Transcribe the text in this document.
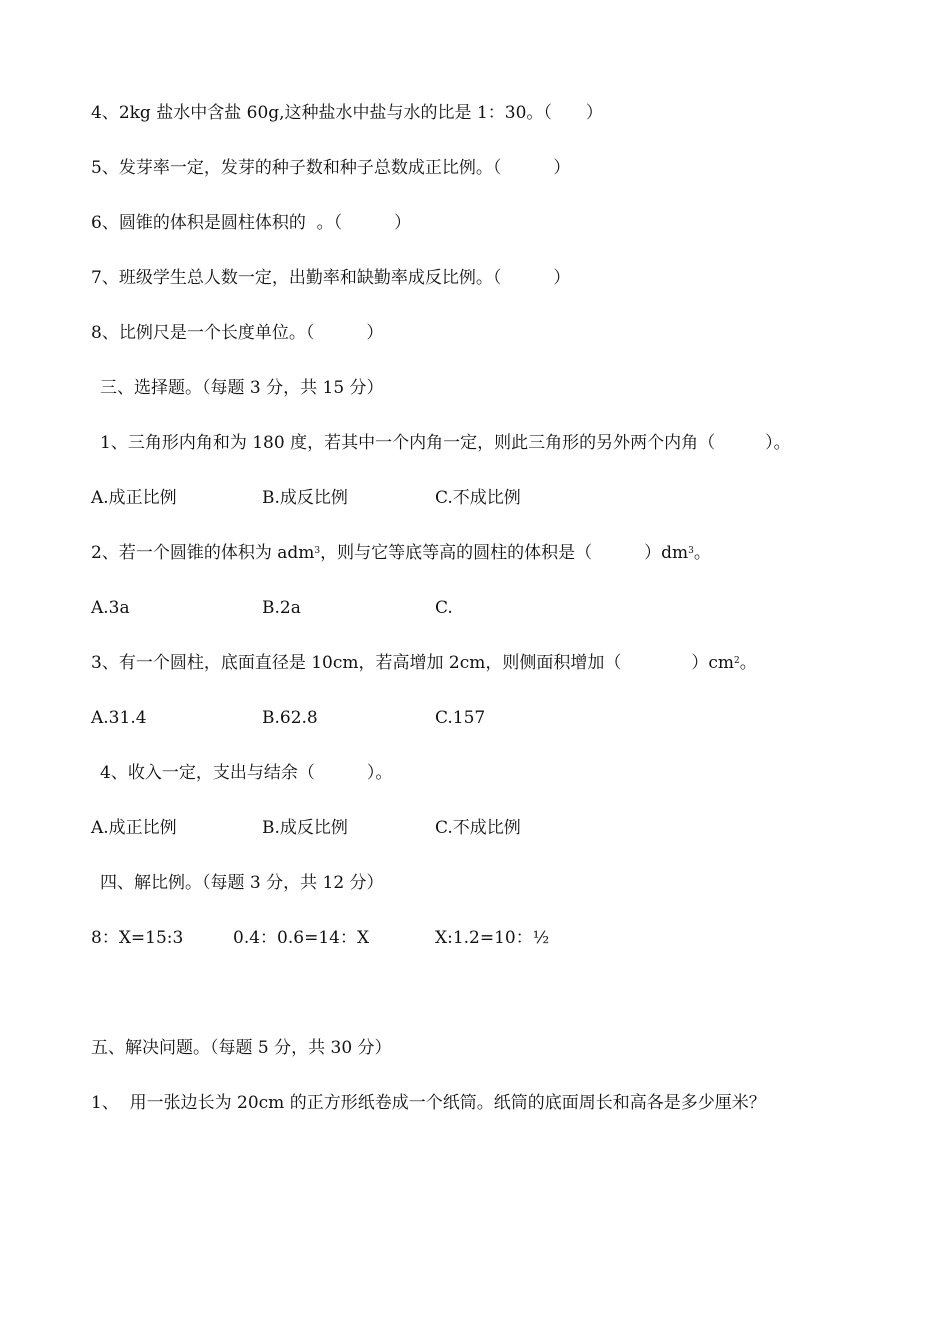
4、2kg 盐水中含盐 60g,这种盐水中盐与水的比是 1：30。（ ）
5、发芽率一定，发芽的种子数和种子总数成正比例。（	）
6、圆锥的体积是圆柱体积的  。（	）
7、班级学生总人数一定，出勤率和缺勤率成反比例。（	）
8、比例尺是一个长度单位。（	）
三、选择题。（每题 3 分，共 15 分）
1、三角形内角和为 180 度，若其中一个内角一定，则此三角形的另外两个内角（	）。
A.成正比例	B.成反比例	C.不成比例
2、若一个圆锥的体积为 adm$^3$，则与它等底等高的圆柱的体积是（	）$dm^3$。
A.3a	B.2a	C.
3、有一个圆柱，底面直径是 10cm，若高增加 2cm，则侧面积增加（	）$cm^2$。
A.31.4	B.62.8	C.157
4、收入一定，支出与结余（	）。
A.成正比例	B.成反比例	C.不成比例
四、解比例。（每题 3 分，共 12 分）
8：X=15:3	0.4：0.6=14：X	X:1.2=10：½
五、解决问题。（每题 5 分，共 30 分）
1、  用一张边长为 20cm 的正方形纸卷成一个纸筒。纸筒的底面周长和高各是多少厘米？
